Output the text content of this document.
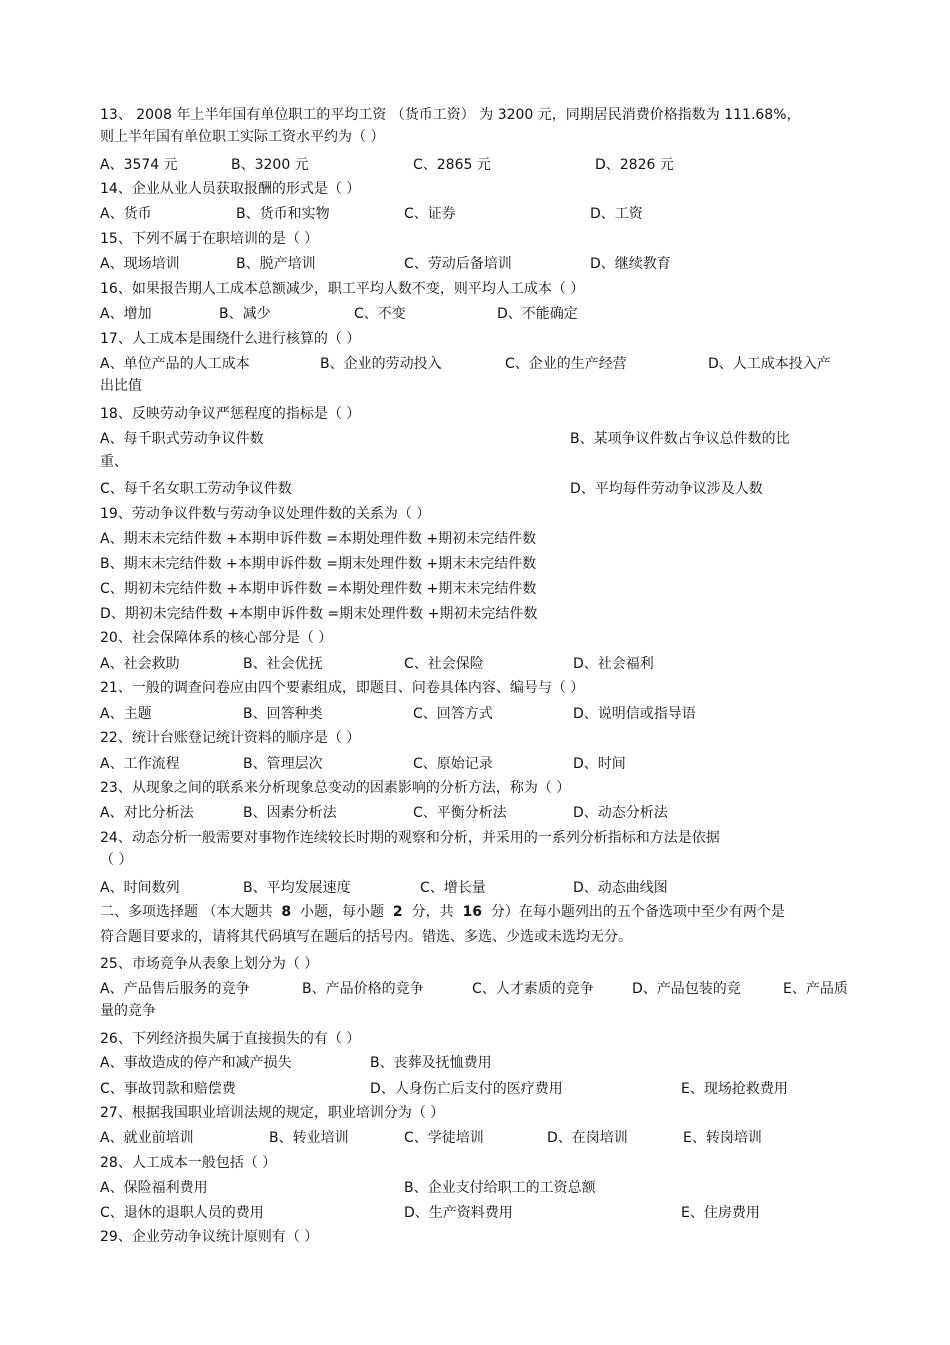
13、 2008 年上半年国有单位职工的平均工资 （货币工资） 为 3200 元，同期居民消费价格指数为 111.68%，
则上半年国有单位职工实际工资水平约为（ ）
A、3574 元	B、3200 元	C、2865 元	D、2826 元
14、企业从业人员获取报酬的形式是（ ）
A、货币	B、货币和实物	C、证券	D、工资
15、下列不属于在职培训的是（ ）
A、现场培训	B、脱产培训	C、劳动后备培训	D、继续教育
16、如果报告期人工成本总额减少，职工平均人数不变，则平均人工成本（ ）
A、增加	B、减少	C、不变	D、不能确定
17、人工成本是围绕什么进行核算的（ ）
A、单位产品的人工成本	B、企业的劳动投入	C、企业的生产经营	D、人工成本投入产
出比值
18、反映劳动争议严惩程度的指标是（ ）
A、每千职式劳动争议件数	B、某项争议件数占争议总件数的比
重、
C、每千名女职工劳动争议件数	D、平均每件劳动争议涉及人数
19、劳动争议件数与劳动争议处理件数的关系为（ ）
A、期末未完结件数 +本期申诉件数 =本期处理件数 +期初未完结件数
B、期末未完结件数 +本期申诉件数 =期末处理件数 +期末未完结件数
C、期初未完结件数 +本期申诉件数 =本期处理件数 +期末未完结件数
D、期初未完结件数 +本期申诉件数 =期末处理件数 +期初未完结件数
20、社会保障体系的核心部分是（ ）
A、社会救助	B、社会优抚	C、社会保险	D、社会福利
21、一般的调查问卷应由四个要素组成，即题目、问卷具体内容、编号与（ ）
A、主题	B、回答种类	C、回答方式	D、说明信或指导语
22、统计台账登记统计资料的顺序是（ ）
A、工作流程	B、管理层次	C、原始记录	D、时间
23、从现象之间的联系来分析现象总变动的因素影响的分析方法，称为（ ）
A、对比分析法	B、因素分析法	C、平衡分析法	D、动态分析法
24、动态分析一般需要对事物作连续较长时期的观察和分析，并采用的一系列分析指标和方法是依据
（ ）
A、时间数列	B、平均发展速度	C、增长量	D、动态曲线图
二、多项选择题 （本大题共 8 小题，每小题 2 分，共 16 分）在每小题列出的五个备选项中至少有两个是
符合题目要求的，请将其代码填写在题后的括号内。错选、多选、少选或未选均无分。
25、市场竞争从表象上划分为（ ）
A、产品售后服务的竞争	B、产品价格的竞争	C、人才素质的竞争	D、产品包装的竞	E、产品质
量的竞争
26、下列经济损失属于直接损失的有（ ）
A、事故造成的停产和减产损失	B、丧葬及抚恤费用
C、事故罚款和赔偿费	D、人身伤亡后支付的医疗费用	E、现场抢救费用
27、根据我国职业培训法规的规定，职业培训分为（ ）
A、就业前培训	B、转业培训	C、学徒培训	D、在岗培训	E、转岗培训
28、人工成本一般包括（ ）
A、保险福利费用	B、企业支付给职工的工资总额
C、退休的退职人员的费用	D、生产资料费用	E、住房费用
29、企业劳动争议统计原则有（ ）
